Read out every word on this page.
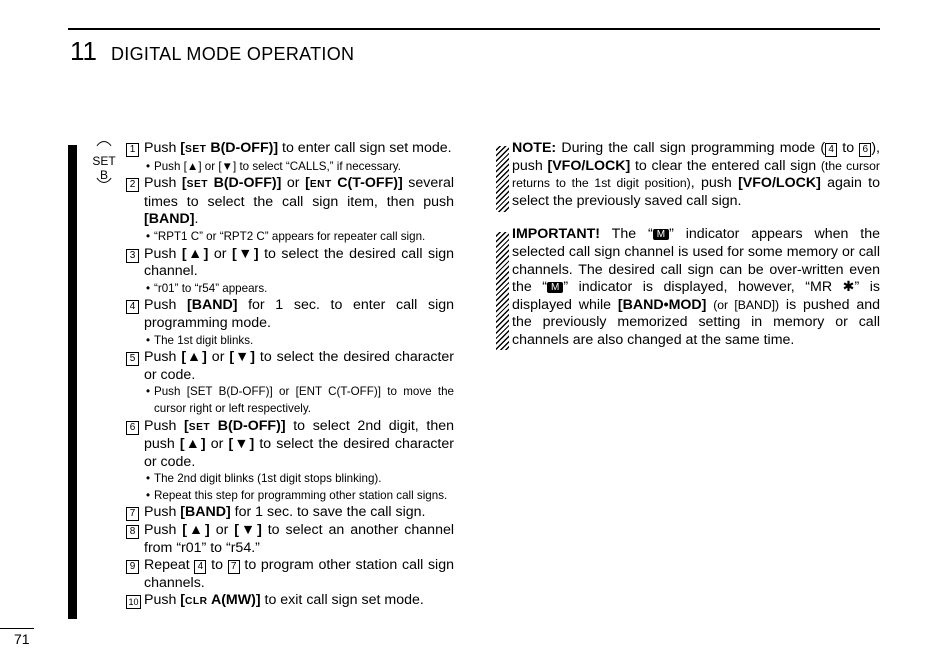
11 DIGITAL MODE OPERATION
SET
B
1 Push [SET B(D-OFF)] to enter call sign set mode.
• Push [▲] or [▼] to select “CALLS,” if necessary.
2 Push [SET B(D-OFF)] or [ENT C(T-OFF)] several times to select the call sign item, then push [BAND].
• “RPT1 C” or “RPT2 C” appears for repeater call sign.
3 Push [▲] or [▼] to select the desired call sign channel.
• “r01” to “r54” appears.
4 Push [BAND] for 1 sec. to enter call sign programming mode.
• The 1st digit blinks.
5 Push [▲] or [▼] to select the desired character or code.
• Push [SET B(D-OFF)] or [ENT C(T-OFF)] to move the cursor right or left respectively.
6 Push [SET B(D-OFF)] to select 2nd digit, then push [▲] or [▼] to select the desired character or code.
• The 2nd digit blinks (1st digit stops blinking).
• Repeat this step for programming other station call signs.
7 Push [BAND] for 1 sec. to save the call sign.
8 Push [▲] or [▼] to select an another channel from “r01” to “r54.”
9 Repeat 4 to 7 to program other station call sign channels.
10 Push [CLR A(MW)] to exit call sign set mode.
NOTE: During the call sign programming mode ( 4 to 6 ), push [VFO/LOCK] to clear the entered call sign (the cursor returns to the 1st digit position), push [VFO/LOCK] again to select the previously saved call sign.
IMPORTANT! The “ M ” indicator appears when the selected call sign channel is used for some memory or call channels. The desired call sign can be over-written even the “ M ” indicator is displayed, however, “MR ✱” is displayed while [BAND•MOD] (or [BAND]) is pushed and the previously memorized setting in memory or call channels are also changed at the same time.
71
